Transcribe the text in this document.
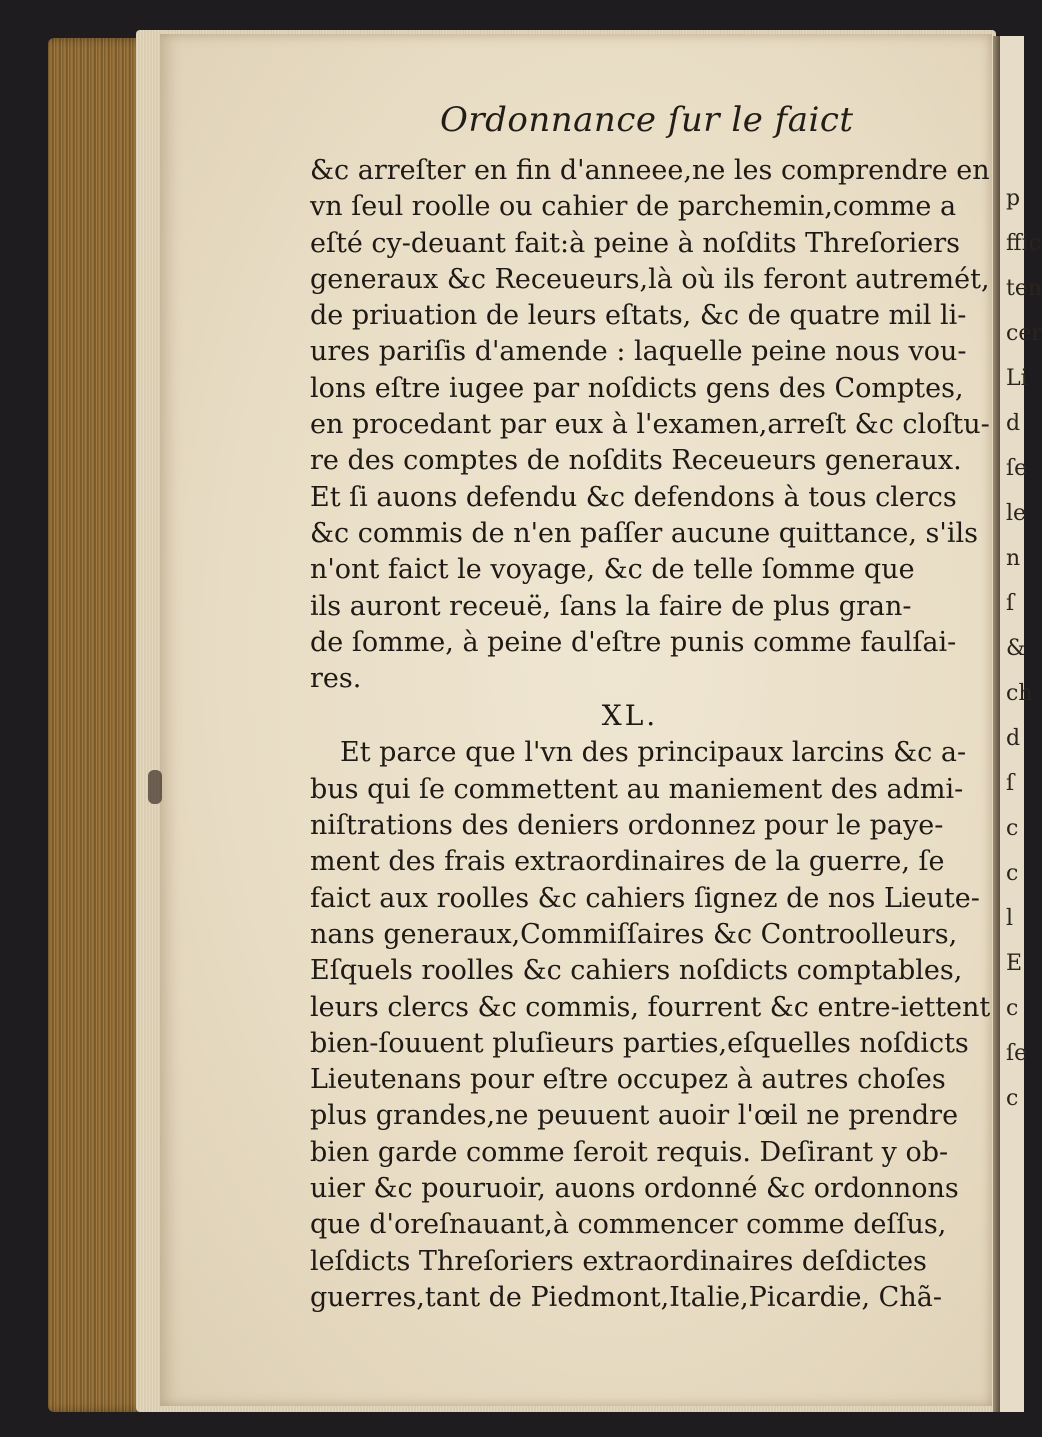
p
ffic
ten
cer
Li
d
ſe
le
n
ſ
&
ch
d
ſ
c
c
l
E
c
ſe
c
Ordonnance ſur le faict
&c arreſter en fin d'anneee,ne les comprendre en
vn ſeul roolle ou cahier de parchemin,comme a
eſté cy-deuant fait:à peine à noſdits Threſoriers
generaux &c Receueurs,là où ils feront autremét,
de priuation de leurs eſtats, &c de quatre mil li-
ures pariſis d'amende : laquelle peine nous vou-
lons eſtre iugee par noſdicts gens des Comptes,
en procedant par eux à l'examen,arreſt &c cloſtu-
re des comptes de noſdits Receueurs generaux.
Et ſi auons defendu &c defendons à tous clercs
&c commis de n'en paſſer aucune quittance, s'ils
n'ont faict le voyage, &c de telle ſomme que
ils auront receuë, ſans la faire de plus gran-
de ſomme, à peine d'eſtre punis comme faulſai-
res.
XL.
Et parce que l'vn des principaux larcins &c a-
bus qui ſe commettent au maniement des admi-
niſtrations des deniers ordonnez pour le paye-
ment des frais extraordinaires de la guerre, ſe
faict aux roolles &c cahiers ſignez de nos Lieute-
nans generaux,Commiſſaires &c Controolleurs,
Eſquels roolles &c cahiers noſdicts comptables,
leurs clercs &c commis, fourrent &c entre-iettent
bien-ſouuent pluſieurs parties,eſquelles noſdicts
Lieutenans pour eſtre occupez à autres choſes
plus grandes,ne peuuent auoir l'œil ne prendre
bien garde comme ſeroit requis. Deſirant y ob-
uier &c pouruoir, auons ordonné &c ordonnons
que d'oreſnauant,à commencer comme deſſus,
leſdicts Threſoriers extraordinaires deſdictes
guerres,tant de Piedmont,Italie,Picardie, Chã-
